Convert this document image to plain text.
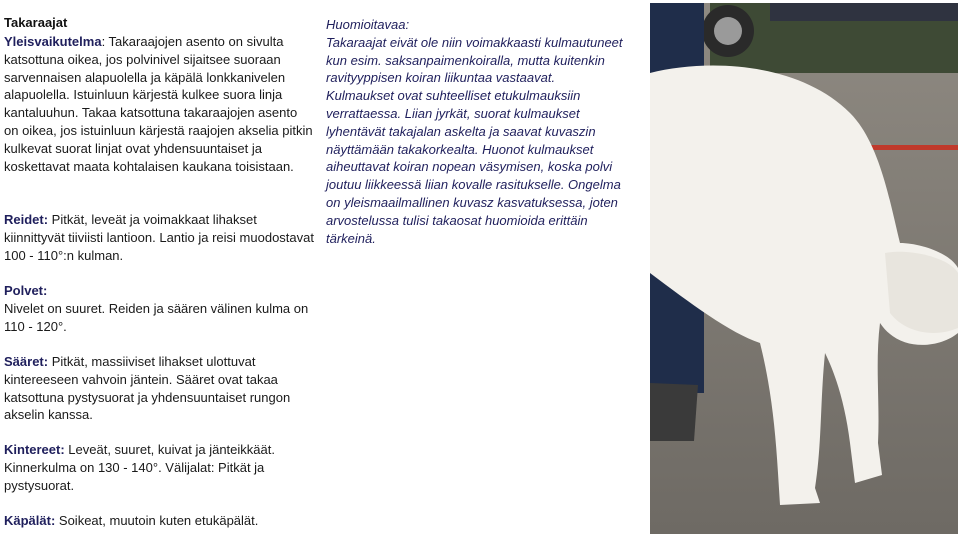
Takaraajat

Yleisvaikutelma: Takaraajojen asento on sivulta katsottuna oikea, jos polvinivel sijaitsee suoraan sarvennaisen alapuolella ja käpälä lonkkanivelen alapuolella. Istuinluun kärjestä kulkee suora linja kantaluuhun. Takaa katsottuna takaraajojen asento on oikea, jos istuinluun kärjestä raajojen akselia pitkin kulkevat suorat linjat ovat yhdensuuntaiset ja koskettavat maata kohtalaisen kaukana toisistaan.

Reidet: Pitkät, leveät ja voimakkaat lihakset kiinnittyvät tiiviisti lantioon. Lantio ja reisi muodostavat 100 - 110°:n kulman.

Polvet:
Nivelet on suuret. Reiden ja säären välinen kulma on 110 - 120°.

Sääret: Pitkät, massiiviset lihakset ulottuvat kintereeseen vahvoin jäntein. Sääret ovat takaa katsottuna pystysuorat ja yhdensuuntaiset rungon akselin kanssa.

Kintereet: Leveät, suuret, kuivat ja jänteikkäät. Kinnerkulma on 130 - 140°. Välijalat: Pitkät ja pystysuorat.

Käpälät: Soikeat, muutoin kuten etukäpälät.

Huomioitavaa:
Takaraajat eivät ole niin voimakkaasti kulmautuneet kun esim. saksanpaimenkoiralla, mutta kuitenkin ravityyppisen koiran liikuntaa vastaavat. Kulmaukset ovat suhteelliset etukulmauksiin verrattaessa. Liian jyrkät, suorat kulmaukset lyhentävät takajalan askelta ja saavat kuvaszin näyttämään takakorkealta. Huonot kulmaukset aiheuttavat koiran nopean väsymisen, koska polvi joutuu liikkeessä liian kovalle rasitukselle. Ongelma on yleismaailmallinen kuvasz kasvatuksessa, joten arvostelussa tulisi takaosat huomioida erittäin tärkeinä.
